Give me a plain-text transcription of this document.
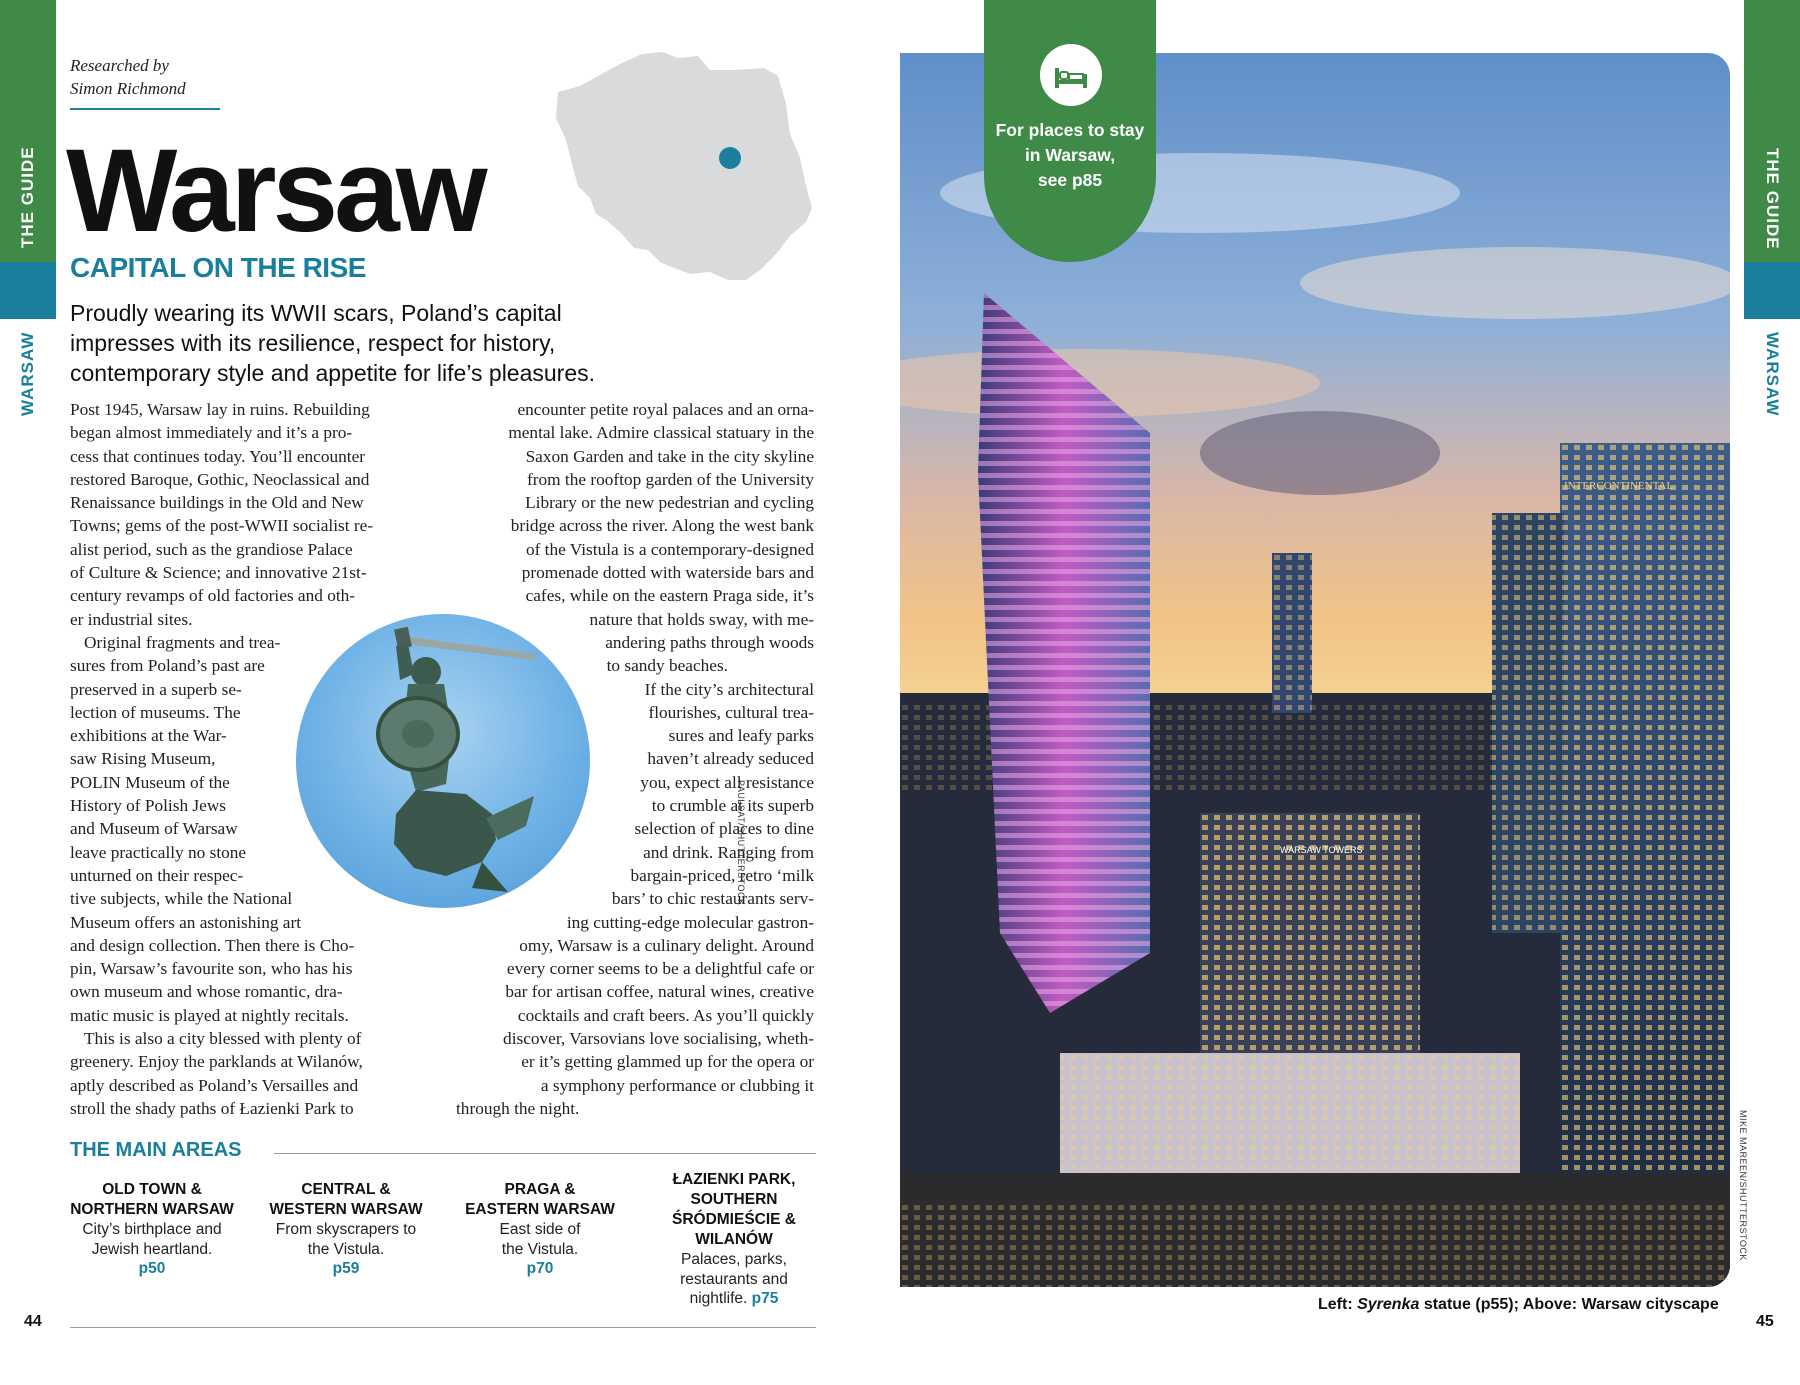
THE GUIDE
WARSAW
THE GUIDE
WARSAW
Researched by
Simon Richmond
Warsaw
CAPITAL ON THE RISE
Proudly wearing its WWII scars, Poland’s capital
impresses with its resilience, respect for history,
contemporary style and appetite for life’s pleasures.
PAULSAT/SHUTTERSTOCK
Post 1945, Warsaw lay in ruins. Rebuilding
began almost immediately and it’s a pro-
cess that continues today. You’ll encounter
restored Baroque, Gothic, Neoclassical and
Renaissance buildings in the Old and New
Towns; gems of the post-WWII socialist re-
alist period, such as the grandiose Palace
of Culture & Science; and innovative 21st-
century revamps of old factories and oth-
er industrial sites.
Original fragments and trea-
sures from Poland’s past are
preserved in a superb se-
lection of museums. The
exhibitions at the War-
saw Rising Museum,
POLIN Museum of the
History of Polish Jews
and Museum of Warsaw
leave practically no stone
unturned on their respec-
tive subjects, while the National
Museum offers an astonishing art
and design collection. Then there is Cho-
pin, Warsaw’s favourite son, who has his
own museum and whose romantic, dra-
matic music is played at nightly recitals.
This is also a city blessed with plenty of
greenery. Enjoy the parklands at Wilanów,
aptly described as Poland’s Versailles and
stroll the shady paths of Łazienki Park to
encounter petite royal palaces and an orna-
mental lake. Admire classical statuary in the
Saxon Garden and take in the city skyline
from the rooftop garden of the University
Library or the new pedestrian and cycling
bridge across the river. Along the west bank
of the Vistula is a contemporary-designed
promenade dotted with waterside bars and
cafes, while on the eastern Praga side, it’s
nature that holds sway, with me-
andering paths through woods
to sandy beaches.
If the city’s architectural
flourishes, cultural trea-
sures and leafy parks
haven’t already seduced
you, expect all resistance
to crumble at its superb
selection of places to dine
and drink. Ranging from
bargain-priced, retro ‘milk
bars’ to chic restaurants serv-
ing cutting-edge molecular gastron-
omy, Warsaw is a culinary delight. Around
every corner seems to be a delightful cafe or
bar for artisan coffee, natural wines, creative
cocktails and craft beers. As you’ll quickly
discover, Varsovians love socialising, wheth-
er it’s getting glammed up for the opera or
a symphony performance or clubbing it
through the night.
THE MAIN AREAS
OLD TOWN &
NORTHERN WARSAW
City’s birthplace and
Jewish heartland.
p50
CENTRAL &
WESTERN WARSAW
From skyscrapers to
the Vistula.
p59
PRAGA &
EASTERN WARSAW
East side of
the Vistula.
p70
ŁAZIENKI PARK,
SOUTHERN
ŚRÓDMIEŚCIE &
WILANÓW
Palaces, parks,
restaurants and
nightlife. p75
44
INTERCONTINENTAL
WARSAW TOWERS
MIKE MAREEN/SHUTTERSTOCK
For places to stay
in Warsaw,
see p85
Left: Syrenka statue (p55); Above: Warsaw cityscape
45
